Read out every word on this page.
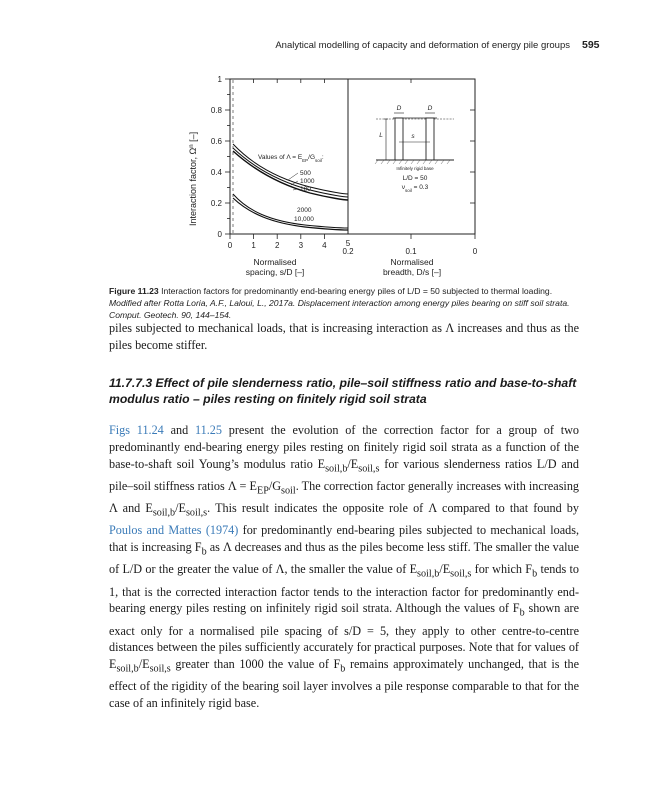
Analytical modelling of capacity and deformation of energy pile groups 595
0
0.2
0.4
0.6
0.8
1
Interaction factor, $\Omega^n$ [–]
0 1 2 3 4 5
0.2	0.1	0
Normalised
spacing, s/D [–]
Normalised
breadth, D/s [–]
Values of $\Lambda = E_{EP}/G_{soil}$:
500
1000
100
2000
10,000
D	D
L	s
Infinitely rigid base
L/D = 50
$\nu_{soil} = 0.3$
Figure 11.23 Interaction factors for predominantly end-bearing energy piles of L/D = 50 subjected to thermal loading. Modified after Rotta Loria, A.F., Laloui, L., 2017a. Displacement interaction among energy piles bearing on stiff soil strata. Comput. Geotech. 90, 144–154.
piles subjected to mechanical loads, that is increasing interaction as Λ increases and thus as the piles become stiffer.
11.7.7.3 Effect of pile slenderness ratio, pile–soil stiffness ratio and base-to-shaft modulus ratio – piles resting on finitely rigid soil strata
Figs 11.24 and 11.25 present the evolution of the correction factor for a group of two predominantly end-bearing energy piles resting on finitely rigid soil strata as a function of the base-to-shaft soil Young’s modulus ratio $E_{soil,b}/E_{soil,s}$ for various slenderness ratios L/D and pile–soil stiffness ratios $\Lambda = E_{EP}/G_{soil}$. The correction factor generally increases with increasing Λ and $E_{soil,b}/E_{soil,s}$. This result indicates the opposite role of Λ compared to that found by Poulos and Mattes (1974) for predominantly end-bearing piles subjected to mechanical loads, that is increasing $F_b$ as Λ decreases and thus as the piles become less stiff. The smaller the value of L/D or the greater the value of Λ, the smaller the value of $E_{soil,b}/E_{soil,s}$ for which $F_b$ tends to 1, that is the corrected interaction factor tends to the interaction factor for predominantly end-bearing energy piles resting on infinitely rigid soil strata. Although the values of $F_b$ shown are exact only for a normalised pile spacing of s/D = 5, they apply to other centre-to-centre distances between the piles sufficiently accurately for practical purposes. Note that for values of $E_{soil,b}/E_{soil,s}$ greater than 1000 the value of $F_b$ remains approximately unchanged, that is the effect of the rigidity of the bearing soil layer involves a pile response comparable to that for the case of an infinitely rigid base.
